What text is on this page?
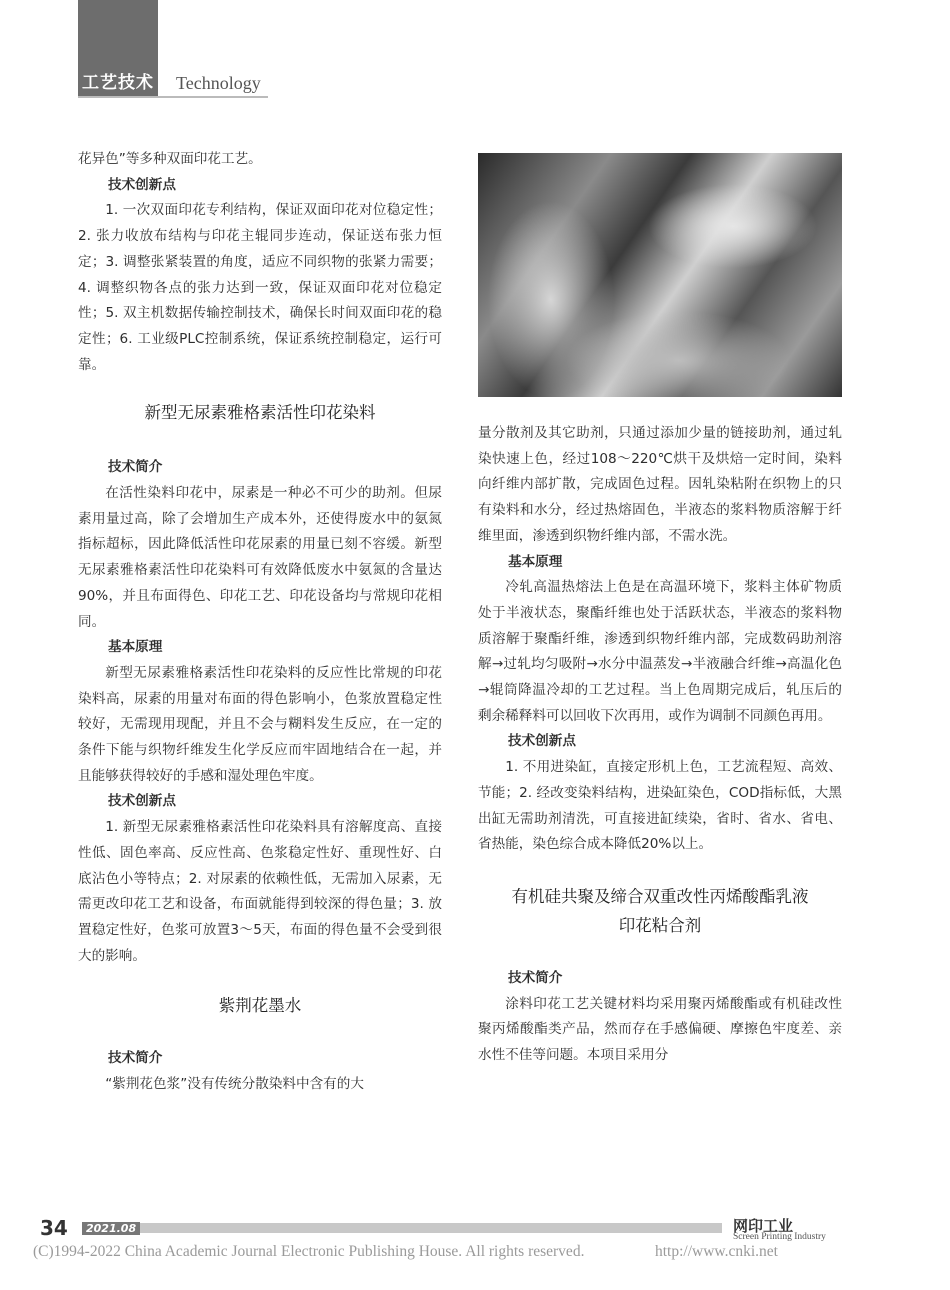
工艺技术 Technology

花异色”等多种双面印花工艺。

技术创新点

1. 一次双面印花专利结构，保证双面印花对位稳定性；2. 张力收放布结构与印花主辊同步连动，保证送布张力恒定；3. 调整张紧装置的角度，适应不同织物的张紧力需要；4. 调整织物各点的张力达到一致，保证双面印花对位稳定性；5. 双主机数据传输控制技术，确保长时间双面印花的稳定性；6. 工业级PLC控制系统，保证系统控制稳定，运行可靠。

新型无尿素雅格素活性印花染料

技术简介

在活性染料印花中，尿素是一种必不可少的助剂。但尿素用量过高，除了会增加生产成本外，还使得废水中的氨氮指标超标，因此降低活性印花尿素的用量已刻不容缓。新型无尿素雅格素活性印花染料可有效降低废水中氨氮的含量达90%，并且布面得色、印花工艺、印花设备均与常规印花相同。

基本原理

新型无尿素雅格素活性印花染料的反应性比常规的印花染料高，尿素的用量对布面的得色影响小，色浆放置稳定性较好，无需现用现配，并且不会与糊料发生反应，在一定的条件下能与织物纤维发生化学反应而牢固地结合在一起，并且能够获得较好的手感和湿处理色牢度。

技术创新点

1. 新型无尿素雅格素活性印花染料具有溶解度高、直接性低、固色率高、反应性高、色浆稳定性好、重现性好、白底沾色小等特点；2. 对尿素的依赖性低，无需加入尿素，无需更改印花工艺和设备，布面就能得到较深的得色量；3. 放置稳定性好，色浆可放置3～5天，布面的得色量不会受到很大的影响。

紫荆花墨水

技术简介

“紫荆花色浆”没有传统分散染料中含有的大

量分散剂及其它助剂，只通过添加少量的链接助剂，通过轧染快速上色，经过108～220℃烘干及烘焙一定时间，染料向纤维内部扩散，完成固色过程。因轧染粘附在织物上的只有染料和水分，经过热熔固色，半液态的浆料物质溶解于纤维里面，渗透到织物纤维内部，不需水洗。

基本原理

冷轧高温热熔法上色是在高温环境下，浆料主体矿物质处于半液状态，聚酯纤维也处于活跃状态，半液态的浆料物质溶解于聚酯纤维，渗透到织物纤维内部，完成数码助剂溶解→过轧均匀吸附→水分中温蒸发→半液融合纤维→高温化色→辊筒降温冷却的工艺过程。当上色周期完成后，轧压后的剩余稀释料可以回收下次再用，或作为调制不同颜色再用。

技术创新点

1. 不用进染缸，直接定形机上色，工艺流程短、高效、节能；2. 经改变染料结构，进染缸染色，COD指标低，大黑出缸无需助剂清洗，可直接进缸续染，省时、省水、省电、省热能，染色综合成本降低20%以上。

有机硅共聚及缔合双重改性丙烯酸酯乳液

印花粘合剂

技术简介

涂料印花工艺关键材料均采用聚丙烯酸酯或有机硅改性聚丙烯酸酯类产品，然而存在手感偏硬、摩擦色牢度差、亲水性不佳等问题。本项目采用分

34	2021.08	网印工业
Screen Printing Industry
(C)1994-2022 China Academic Journal Electronic Publishing House. All rights reserved.	http://www.cnki.net
